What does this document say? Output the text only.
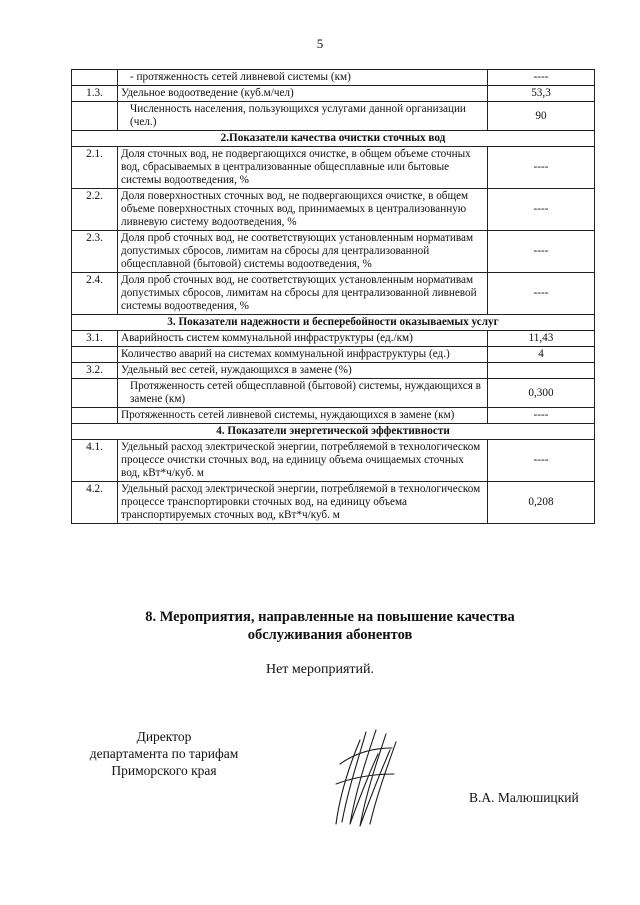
5
	- протяженность сетей ливневой системы (км)	----
1.3.	Удельное водоотведение (куб.м/чел)	53,3
	Численность населения, пользующихся услугами данной организации (чел.)	90
2.Показатели качества очистки сточных вод		
2.1.	Доля сточных вод, не подвергающихся очистке, в общем объеме сточных вод, сбрасываемых в централизованные общесплавные или бытовые системы водоотведения, %	----
2.2.	Доля поверхностных сточных вод, не подвергающихся очистке, в общем объеме поверхностных сточных вод, принимаемых в централизованную ливневую систему водоотведения, %	----
2.3.	Доля проб сточных вод, не соответствующих установленным нормативам допустимых сбросов, лимитам на сбросы для централизованной общесплавной (бытовой) системы водоотведения, %	----
2.4.	Доля проб сточных вод, не соответствующих установленным нормативам допустимых сбросов, лимитам на сбросы для централизованной ливневой системы водоотведения, %	----
3. Показатели надежности и бесперебойности оказываемых услуг		
3.1.	Аварийность систем коммунальной инфраструктуры (ед./км)	11,43
	Количество аварий на системах коммунальной инфраструктуры (ед.)	4
3.2.	Удельный вес сетей, нуждающихся в замене (%)	
	Протяженность сетей общесплавной (бытовой) системы, нуждающихся в замене (км)	0,300
	Протяженность сетей ливневой системы, нуждающихся в замене (км)	----
4. Показатели энергетической эффективности		
4.1.	Удельный расход электрической энергии, потребляемой в технологическом процессе очистки сточных вод, на единицу объема очищаемых сточных вод, кВт*ч/куб. м	----
4.2.	Удельный расход электрической энергии, потребляемой в технологическом процессе транспортировки сточных вод, на единицу объема транспортируемых сточных вод, кВт*ч/куб. м	0,208
8. Мероприятия, направленные на повышение качества
обслуживания абонентов
Нет мероприятий.
Директор
департамента по тарифам
Приморского края
В.А. Малюшицкий
